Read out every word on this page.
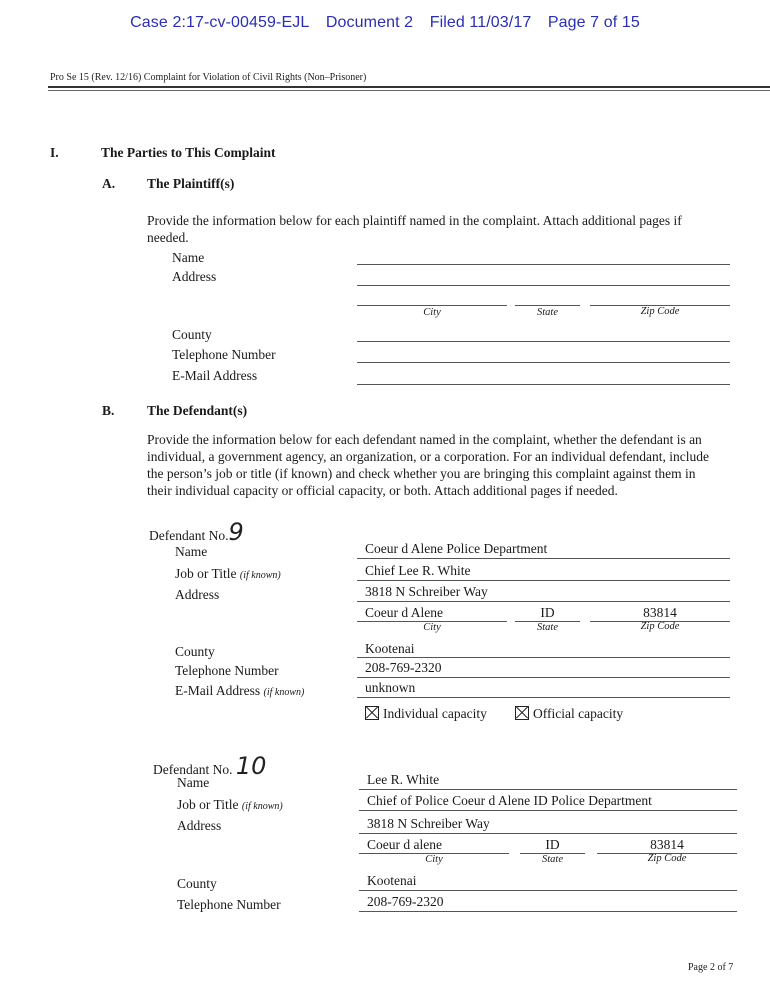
Case 2:17-cv-00459-EJL Document 2 Filed 11/03/17 Page 7 of 15
Pro Se 15 (Rev. 12/16) Complaint for Violation of Civil Rights (Non–Prisoner)
I.	The Parties to This Complaint
A. The Plaintiff(s)
Provide the information below for each plaintiff named in the complaint. Attach additional pages if needed.
Name
Address
City	State	Zip Code
County
Telephone Number
E-Mail Address
B. The Defendant(s)
Provide the information below for each defendant named in the complaint, whether the defendant is an individual, a government agency, an organization, or a corporation. For an individual defendant, include the person’s job or title (if known) and check whether you are bringing this complaint against them in their individual capacity or official capacity, or both. Attach additional pages if needed.
Defendant No.9
Name	Coeur d Alene Police Department
Job or Title (if known)	Chief Lee R. White
Address	3818 N Schreiber Way
Coeur d Alene	ID	83814
City	State	Zip Code
County	Kootenai
Telephone Number	208-769-2320
E-Mail Address (if known)	unknown
Individual capacity	Official capacity
Defendant No. 10
Name	Lee R. White
Job or Title (if known)	Chief of Police Coeur d Alene ID Police Department
Address	3818 N Schreiber Way
Coeur d alene	ID	83814
City	State	Zip Code
County	Kootenai
Telephone Number	208-769-2320
Page 2 of 7
